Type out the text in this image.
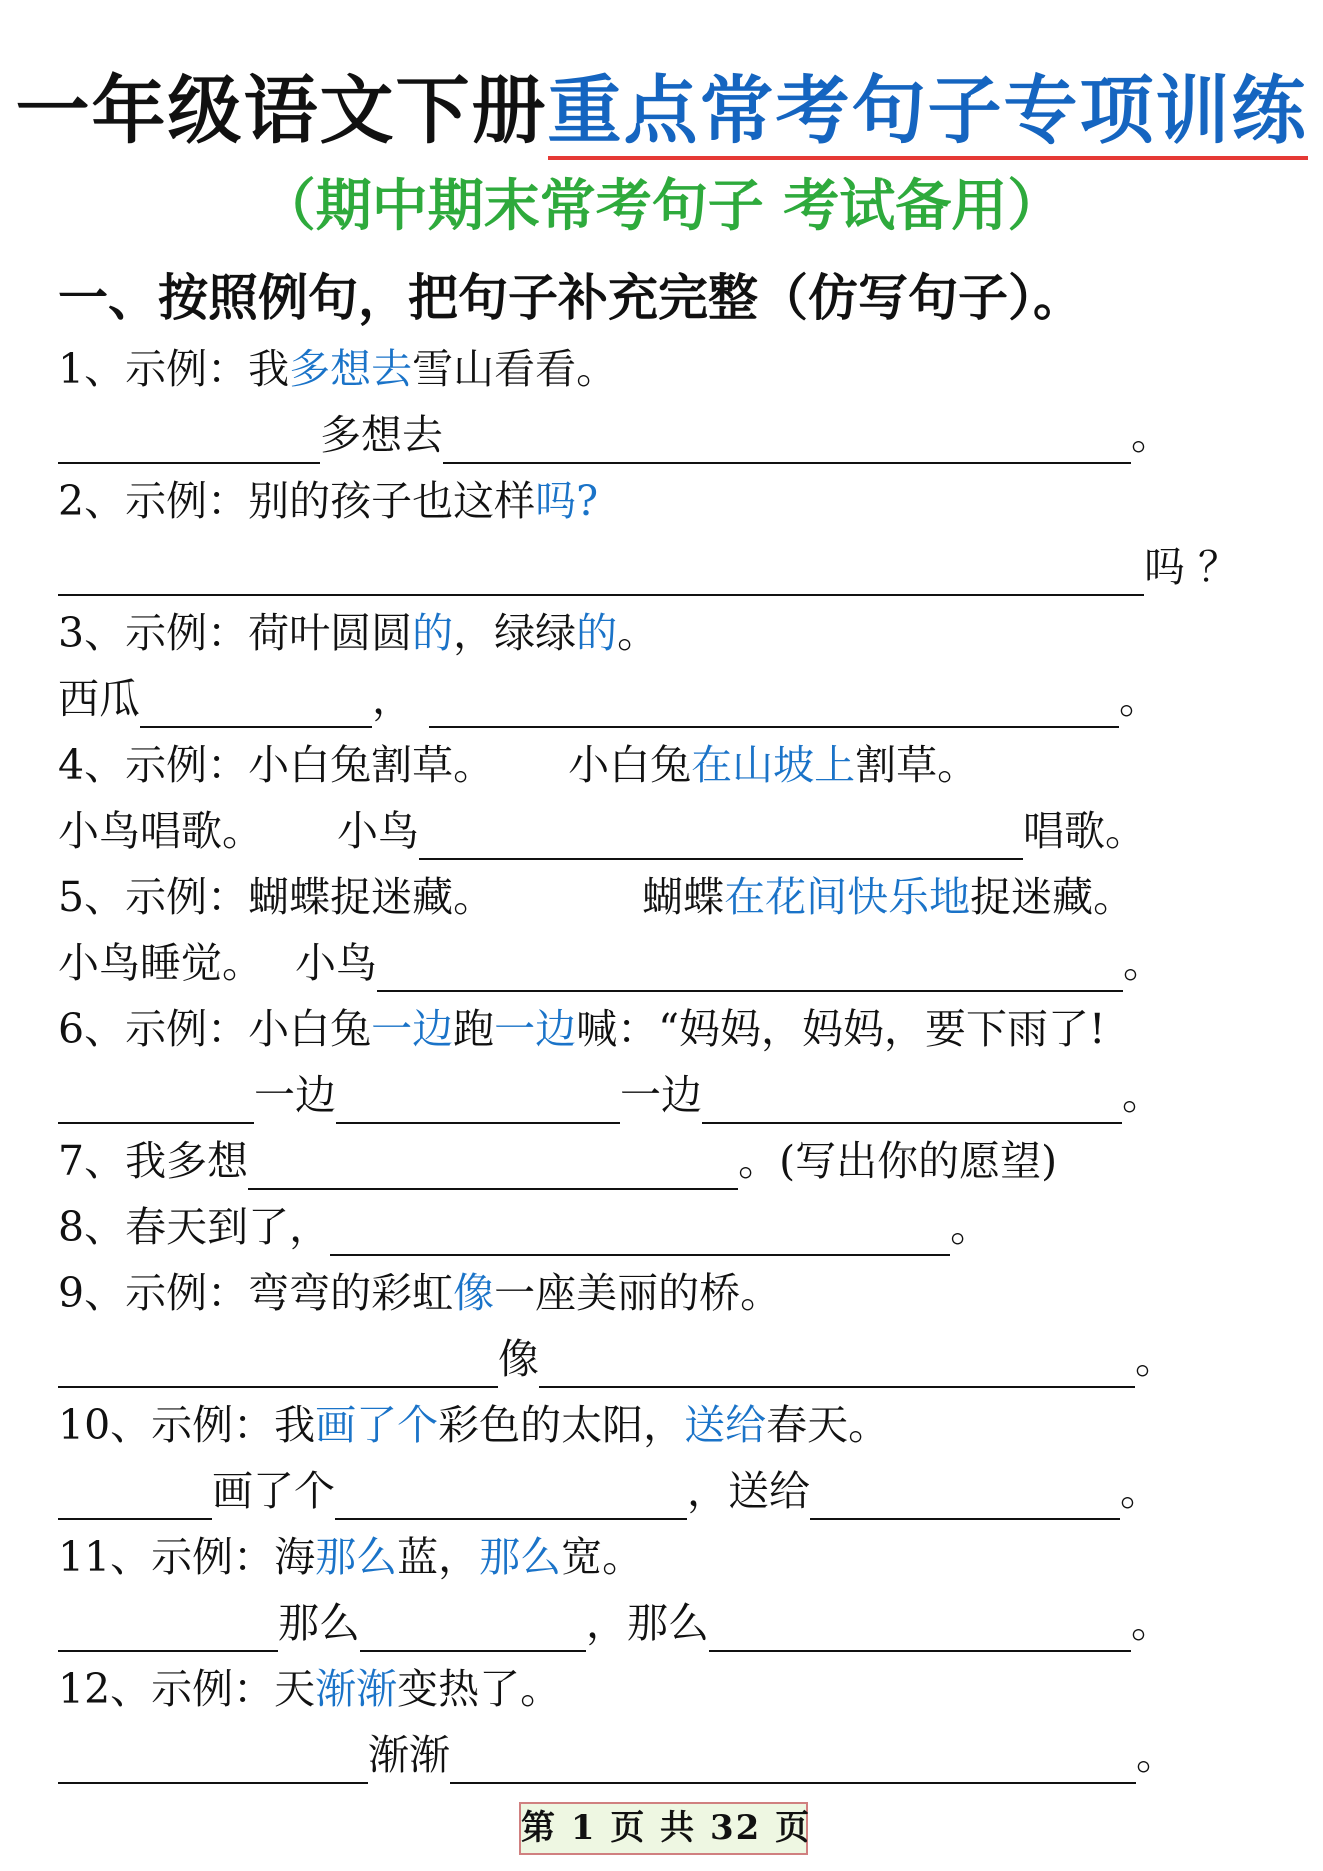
一年级语文下册重点常考句子专项训练
（期中期末常考句子 考试备用）
一、按照例句，把句子补充完整（仿写句子）。
1、示例：我多想去雪山看看。
多想去	。
2、示例：别的孩子也这样吗?
吗 ？
3、示例：荷叶圆圆的，绿绿的。
西瓜	，	。
4、示例：小白兔割草。 小白兔在山坡上割草。
小鸟唱歌。 小鸟	唱歌。
5、示例：蝴蝶捉迷藏。	蝴蝶在花间快乐地捉迷藏。
小鸟睡觉。 小鸟	。
6、示例：小白兔一边跑一边喊：“妈妈，妈妈，要下雨了!
一边	一边	。
7、我多想	。(写出你的愿望)
8、春天到了，	。
9、示例：弯弯的彩虹像一座美丽的桥。
像	。
10、示例：我画了个彩色的太阳，送给春天。
画了个	，送给	。
11、示例：海那么蓝，那么宽。
那么	，那么	。
12、示例：天渐渐变热了。
渐渐	。
第 1 页 共 32 页
